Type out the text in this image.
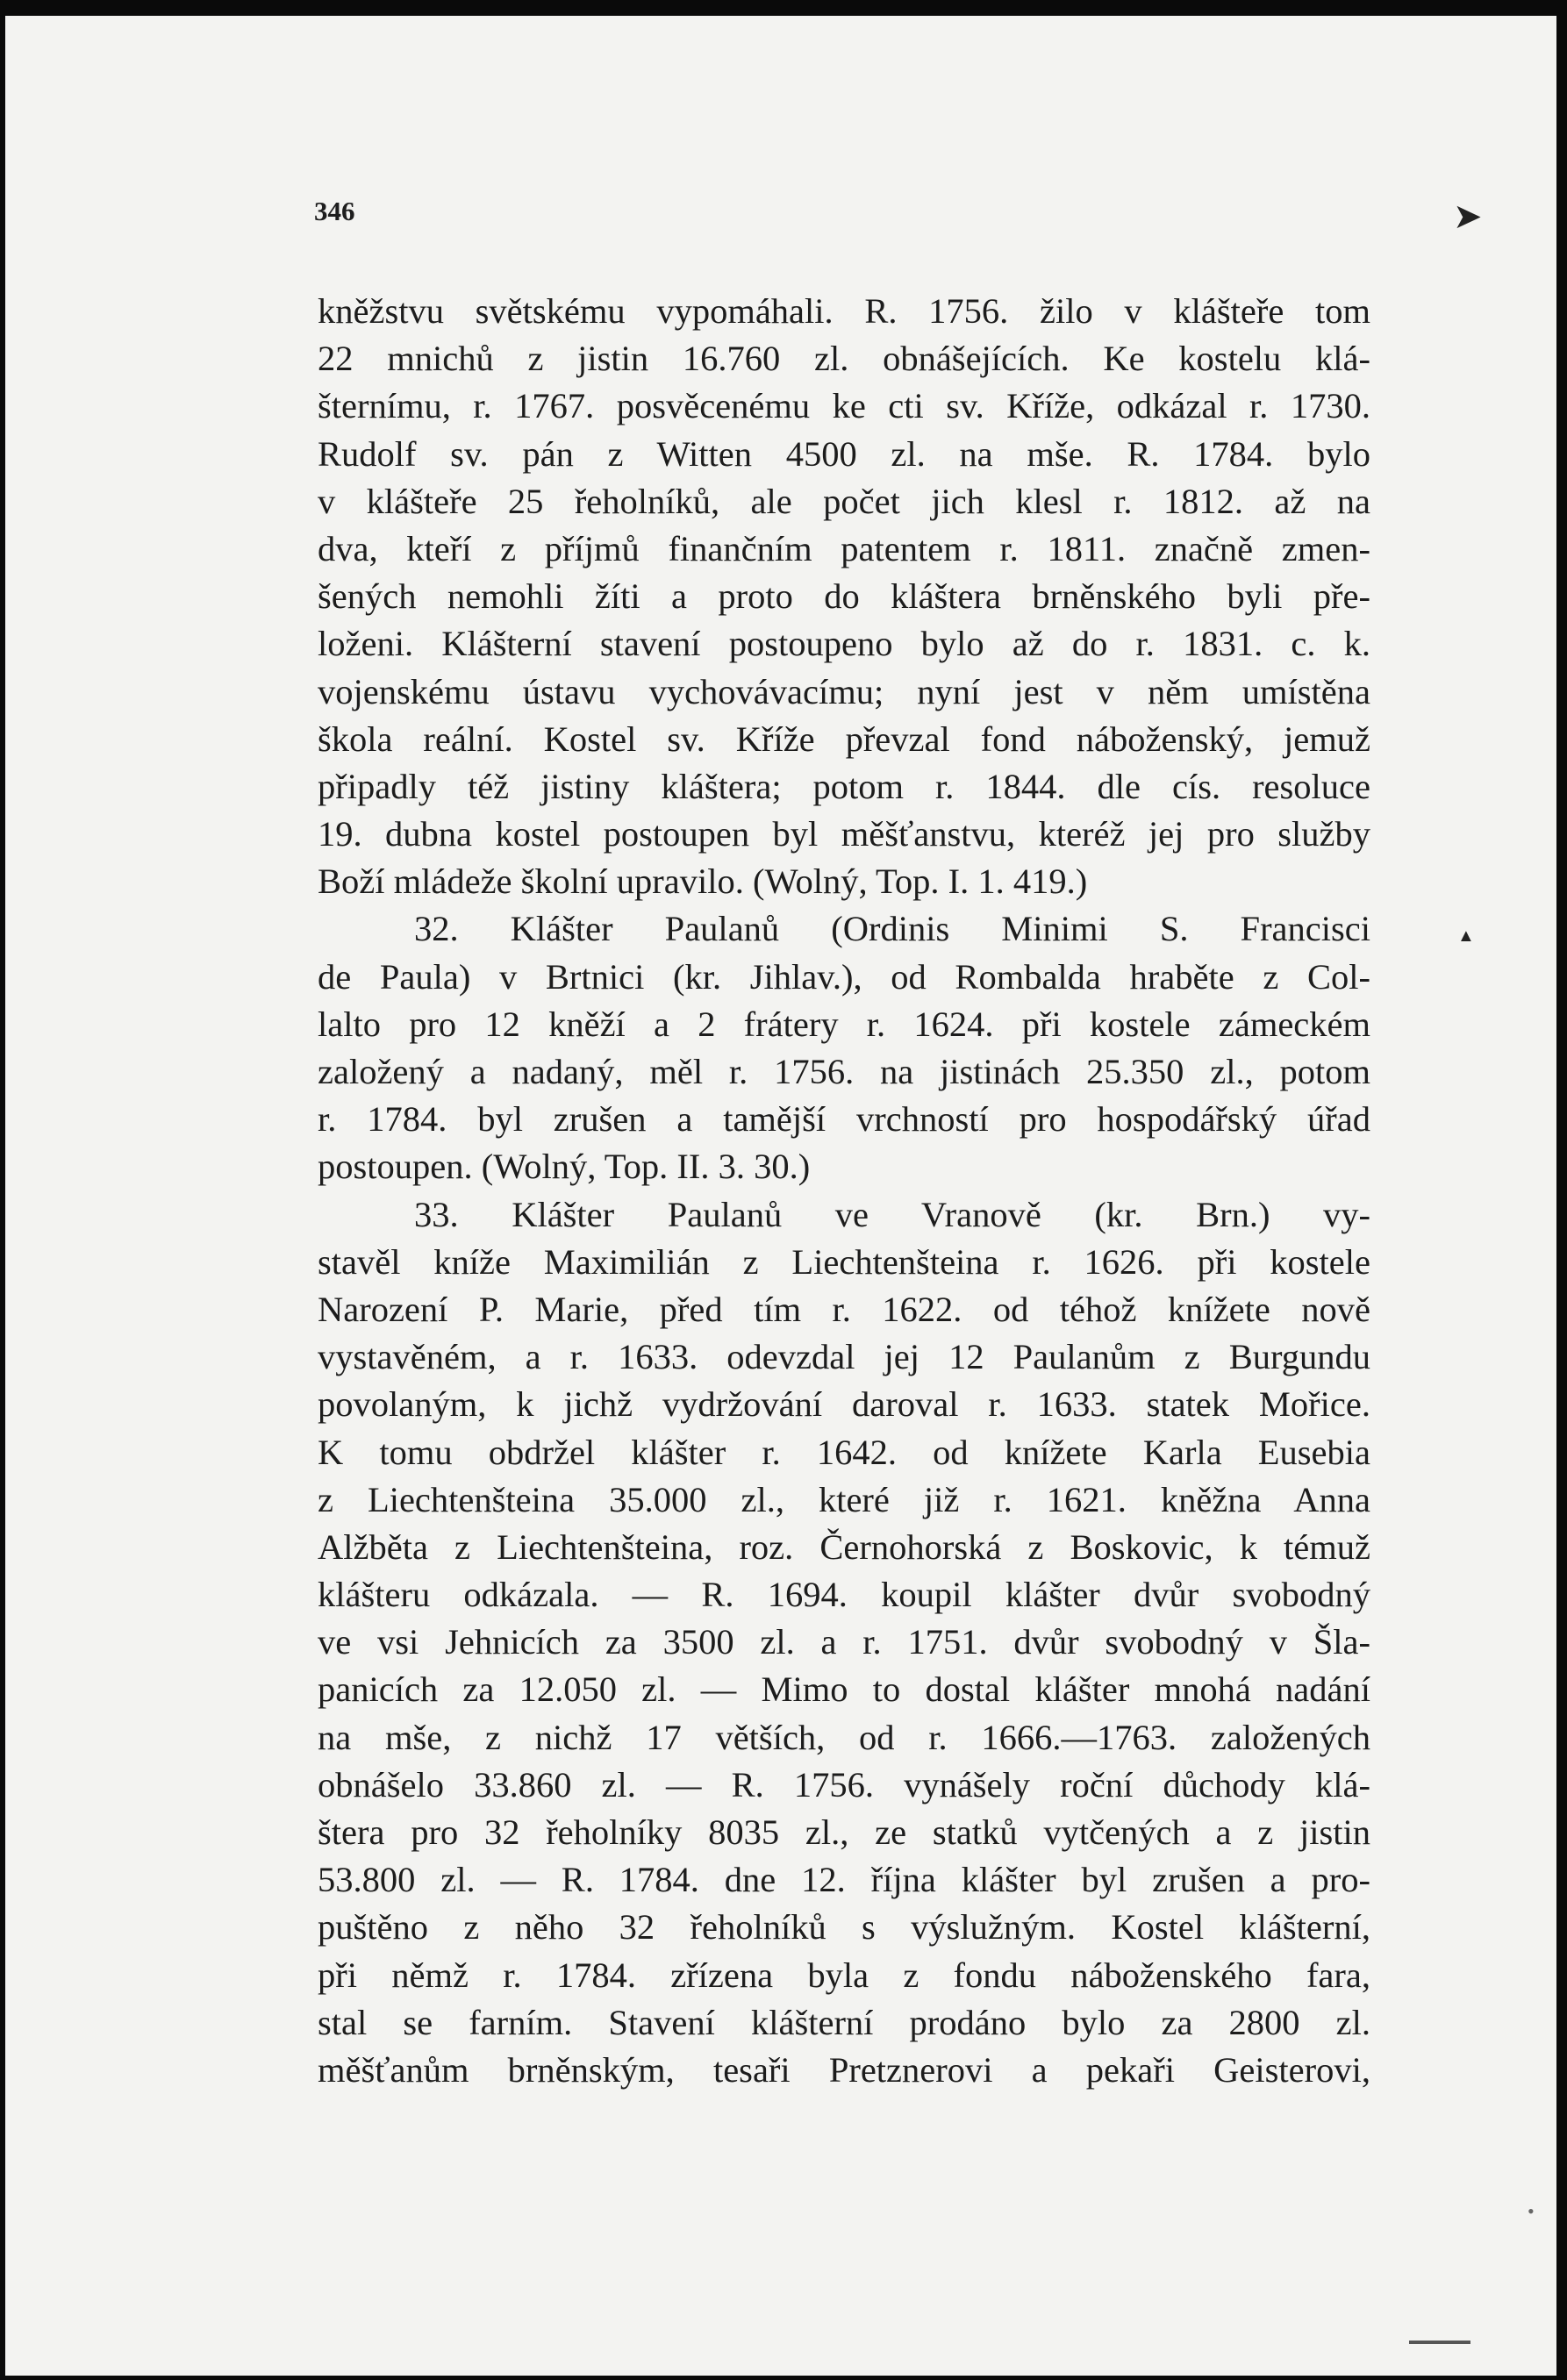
346	➤
▲
•
kněžstvu světskému vypomáhali. R. 1756. žilo v klášteře tom
22 mnichů z jistin 16.760 zl. obnášejících. Ke kostelu klá-
šternímu, r. 1767. posvěcenému ke cti sv. Kříže, odkázal r. 1730.
Rudolf sv. pán z Witten 4500 zl. na mše. R. 1784. bylo
v klášteře 25 řeholníků, ale počet jich klesl r. 1812. až na
dva, kteří z příjmů finančním patentem r. 1811. značně zmen-
šených nemohli žíti a proto do kláštera brněnského byli pře-
loženi. Klášterní stavení postoupeno bylo až do r. 1831. c. k.
vojenskému ústavu vychovávacímu; nyní jest v něm umístěna
škola reální. Kostel sv. Kříže převzal fond náboženský, jemuž
připadly též jistiny kláštera; potom r. 1844. dle cís. resoluce
19. dubna kostel postoupen byl měšťanstvu, kteréž jej pro služby
Boží mládeže školní upravilo. (Wolný, Top. I. 1. 419.)
32. Klášter Paulanů (Ordinis Minimi S. Francisci
de Paula) v Brtnici (kr. Jihlav.), od Rombalda hraběte z Col-
lalto pro 12 kněží a 2 frátery r. 1624. při kostele zámeckém
založený a nadaný, měl r. 1756. na jistinách 25.350 zl., potom
r. 1784. byl zrušen a tamější vrchností pro hospodářský úřad
postoupen. (Wolný, Top. II. 3. 30.)
33. Klášter Paulanů ve Vranově (kr. Brn.) vy-
stavěl kníže Maximilián z Liechtenšteina r. 1626. při kostele
Narození P. Marie, před tím r. 1622. od téhož knížete nově
vystavěném, a r. 1633. odevzdal jej 12 Paulanům z Burgundu
povolaným, k jichž vydržování daroval r. 1633. statek Mořice.
K tomu obdržel klášter r. 1642. od knížete Karla Eusebia
z Liechtenšteina 35.000 zl., které již r. 1621. kněžna Anna
Alžběta z Liechtenšteina, roz. Černohorská z Boskovic, k témuž
klášteru odkázala. — R. 1694. koupil klášter dvůr svobodný
ve vsi Jehnicích za 3500 zl. a r. 1751. dvůr svobodný v Šla-
panicích za 12.050 zl. — Mimo to dostal klášter mnohá nadání
na mše, z nichž 17 větších, od r. 1666.—1763. založených
obnášelo 33.860 zl. — R. 1756. vynášely roční důchody klá-
štera pro 32 řeholníky 8035 zl., ze statků vytčených a z jistin
53.800 zl. — R. 1784. dne 12. října klášter byl zrušen a pro-
puštěno z něho 32 řeholníků s výslužným. Kostel klášterní,
při němž r. 1784. zřízena byla z fondu náboženského fara,
stal se farním. Stavení klášterní prodáno bylo za 2800 zl.
měšťanům brněnským, tesaři Pretznerovi a pekaři Geisterovi,
